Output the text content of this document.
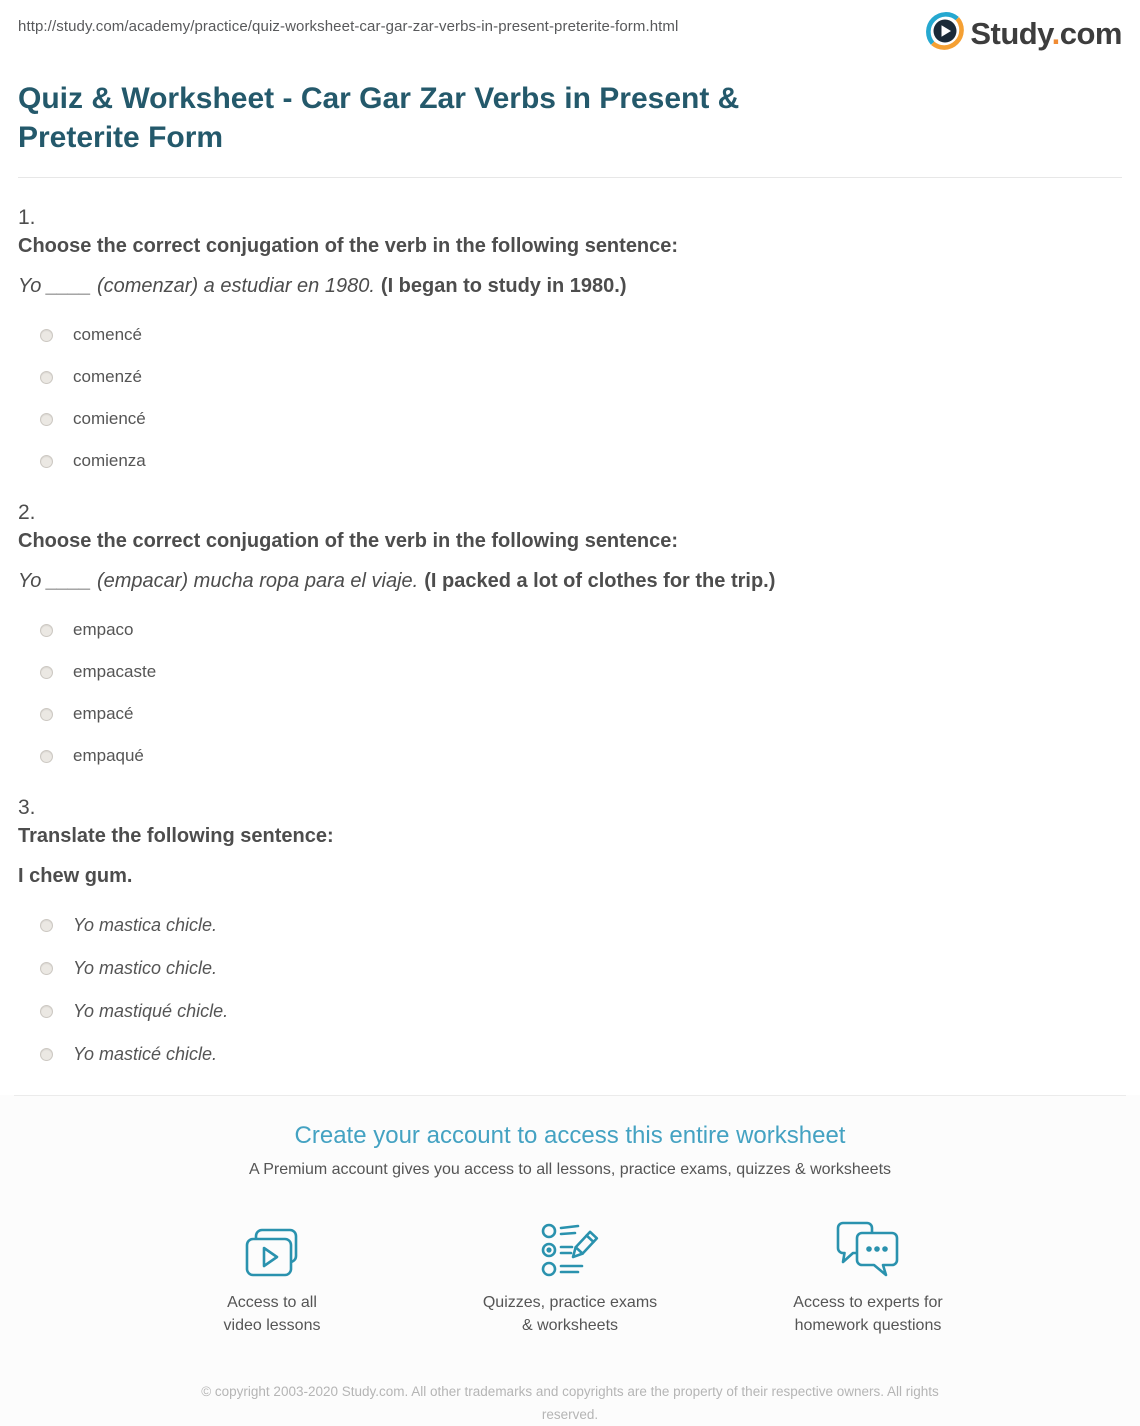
http://study.com/academy/practice/quiz-worksheet-car-gar-zar-verbs-in-present-preterite-form.html	Study.com
Quiz & Worksheet - Car Gar Zar Verbs in Present & Preterite Form
1.
Choose the correct conjugation of the verb in the following sentence:
Yo ____ (comenzar) a estudiar en 1980. (I began to study in 1980.)
comencé
comenzé
comiencé
comienza
2.
Choose the correct conjugation of the verb in the following sentence:
Yo ____ (empacar) mucha ropa para el viaje. (I packed a lot of clothes for the trip.)
empaco
empacaste
empacé
empaqué
3.
Translate the following sentence:
I chew gum.
Yo mastica chicle.
Yo mastico chicle.
Yo mastiqué chicle.
Yo masticé chicle.
Create your account to access this entire worksheet
A Premium account gives you access to all lessons, practice exams, quizzes & worksheets
Access to all
video lessons
Quizzes, practice exams
& worksheets
Access to experts for
homework questions
© copyright 2003-2020 Study.com. All other trademarks and copyrights are the property of their respective owners. All rights reserved.
